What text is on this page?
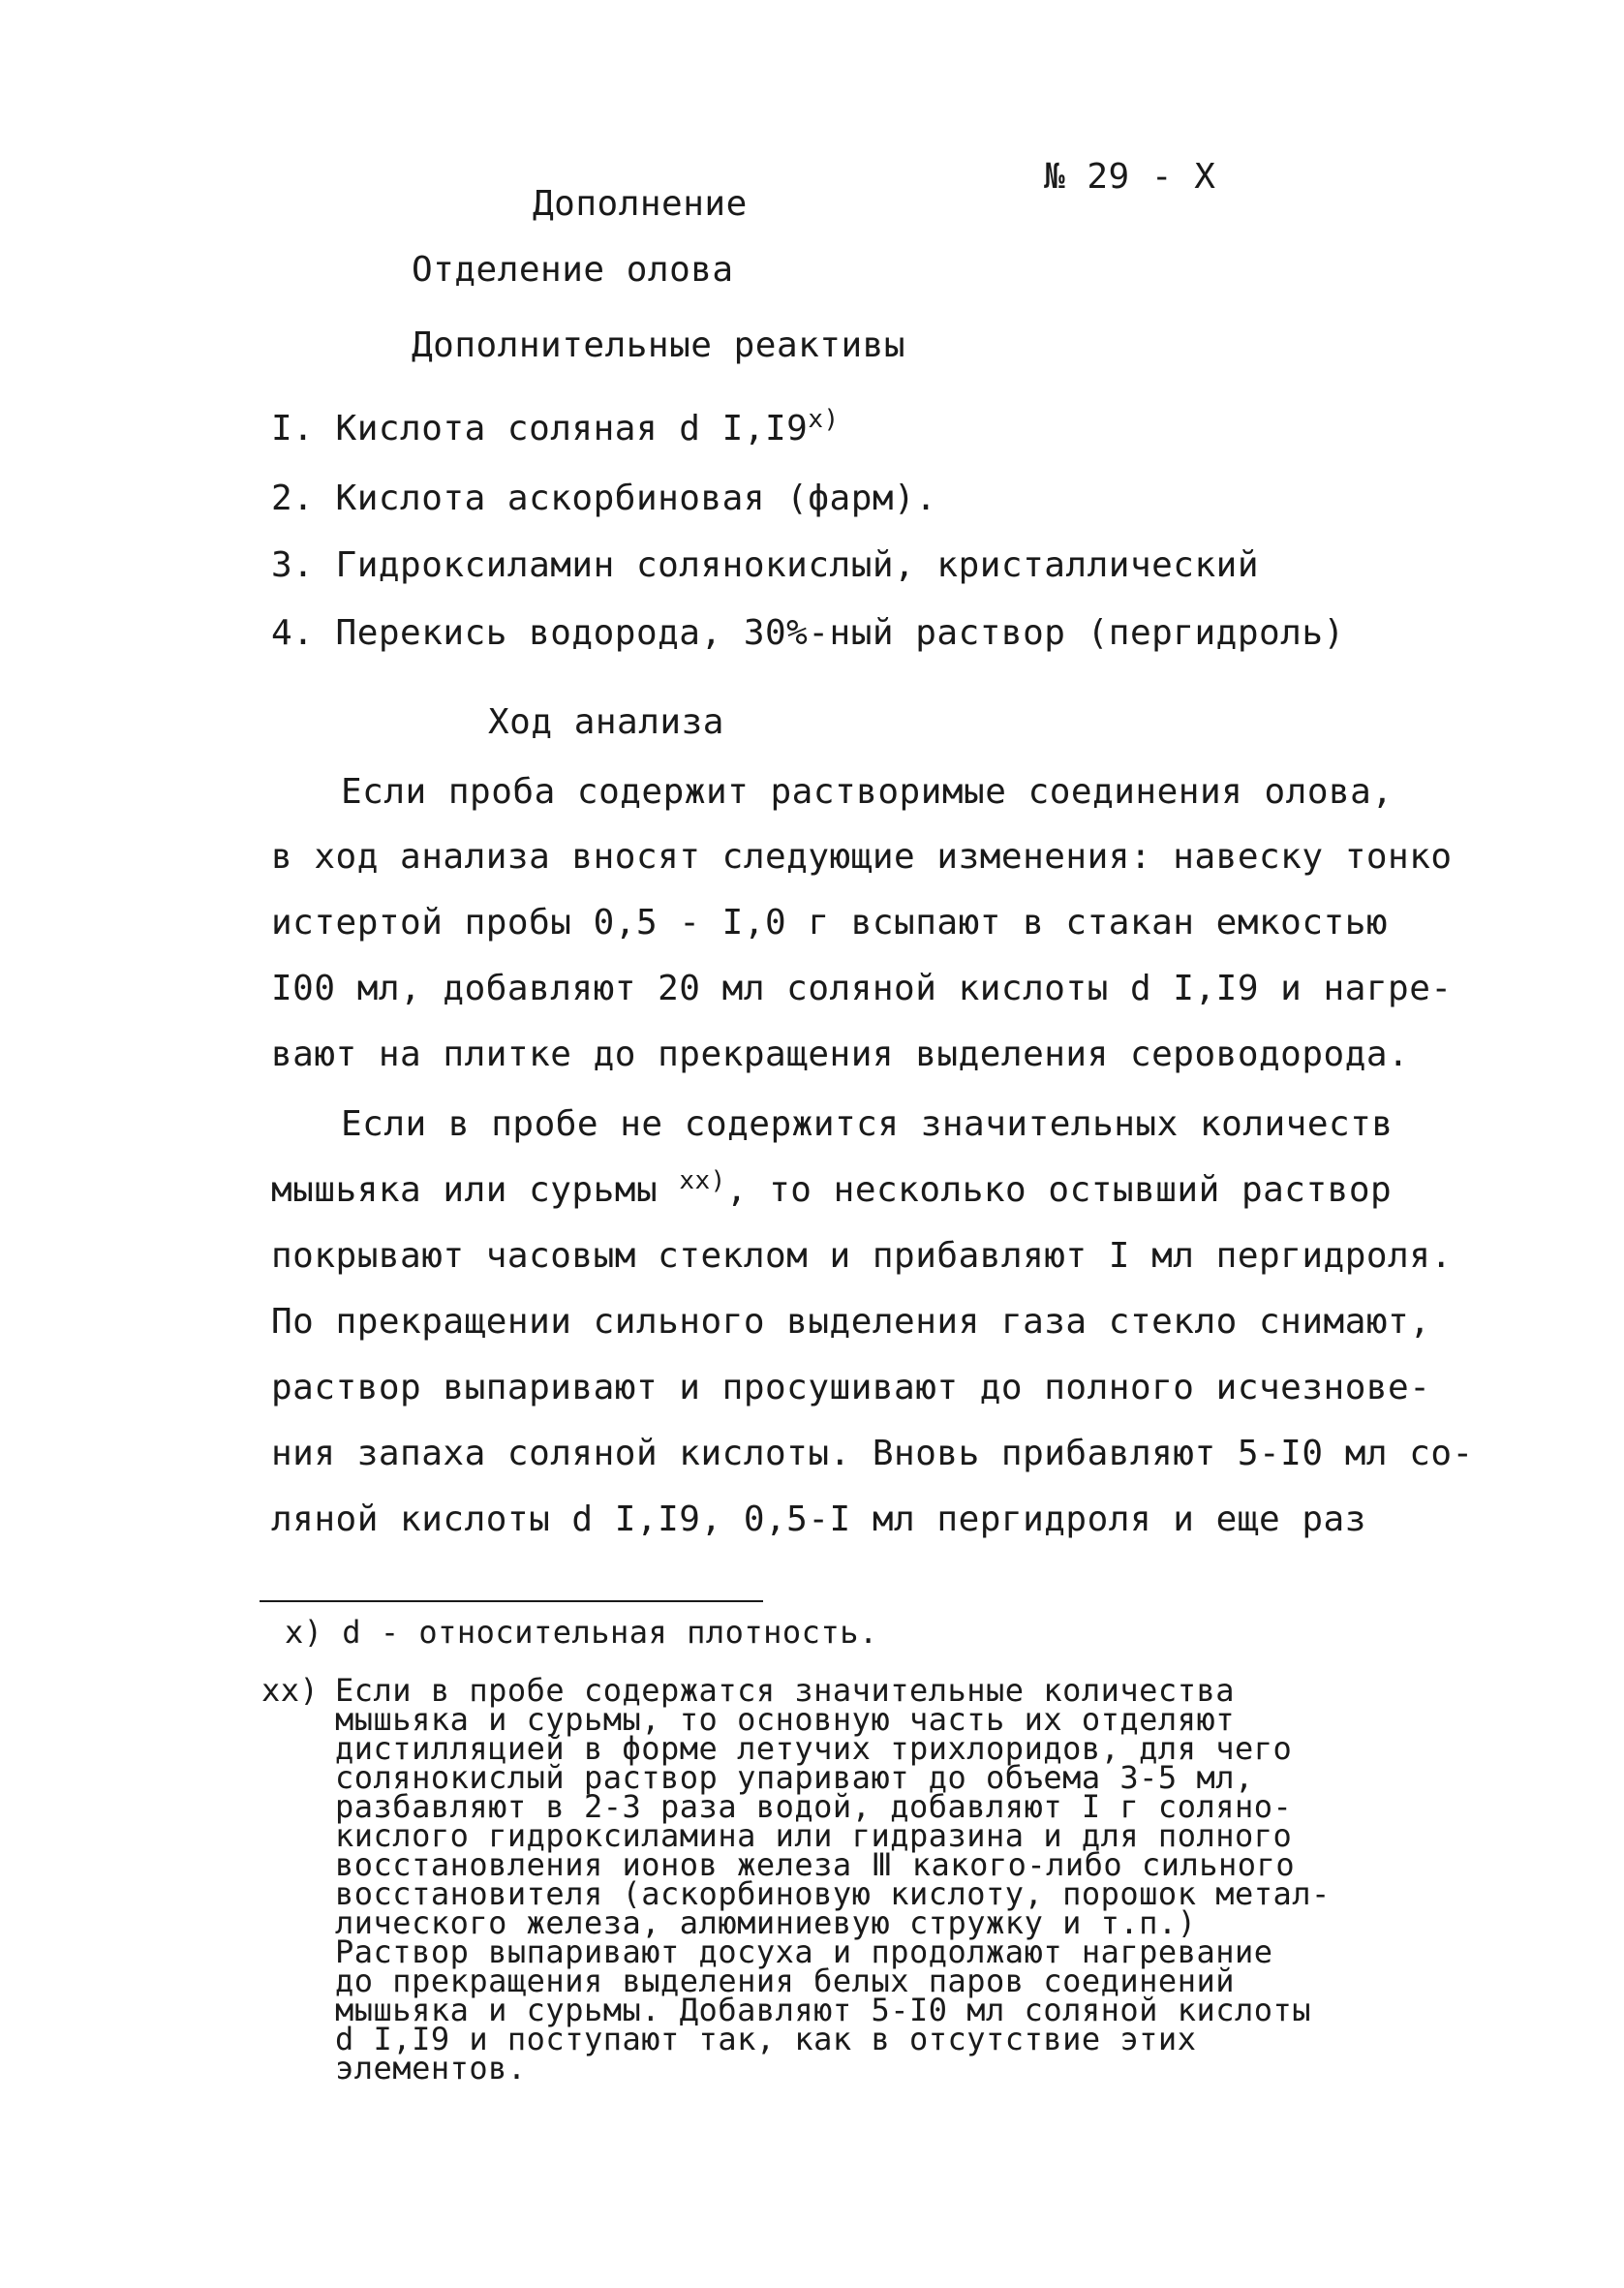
№ 29 - X

Дополнение

Отделение олова

Дополнительные реактивы

I. Кислота соляная d I,I9$^{x)}$

2. Кислота аскорбиновая (фарм).

3. Гидроксиламин солянокислый, кристаллический

4. Перекись водорода, 30%-ный раствор (пергидроль)

Ход анализа

Если проба содержит растворимые соединения олова,

в ход анализа вносят следующие изменения: навеску тонко

истертой пробы 0,5 - I,0 г всыпают в стакан емкостью

I00 мл, добавляют 20 мл соляной кислоты d I,I9 и нагре-

вают на плитке до прекращения выделения сероводорода.

Если в пробе не содержится значительных количеств

мышьяка или сурьмы $^{xx)}$, то несколько остывший раствор

покрывают часовым стеклом и прибавляют I мл пергидроля.

По прекращении сильного выделения газа стекло снимают,

раствор выпаривают и просушивают до полного исчезнове-

ния запаха соляной кислоты. Вновь прибавляют 5-I0 мл со-

ляной кислоты d I,I9, 0,5-I мл пергидроля и еще раз

x) d - относительная плотность.

xx) Если в пробе содержатся значительные количества
мышьяка и сурьмы, то основную часть их отделяют
дистилляцией в форме летучих трихлоридов, для чего
солянокислый раствор упаривают до объема 3-5 мл,
разбавляют в 2-3 раза водой, добавляют I г соляно-
кислого гидроксиламина или гидразина и для полного
восстановления ионов железа Ⅲ какого-либо сильного
восстановителя (аскорбиновую кислоту, порошок метал-
лического железа, алюминиевую стружку и т.п.)
Раствор выпаривают досуха и продолжают нагревание
до прекращения выделения белых паров соединений
мышьяка и сурьмы. Добавляют 5-I0 мл соляной кислоты
d I,I9 и поступают так, как в отсутствие этих
элементов.
